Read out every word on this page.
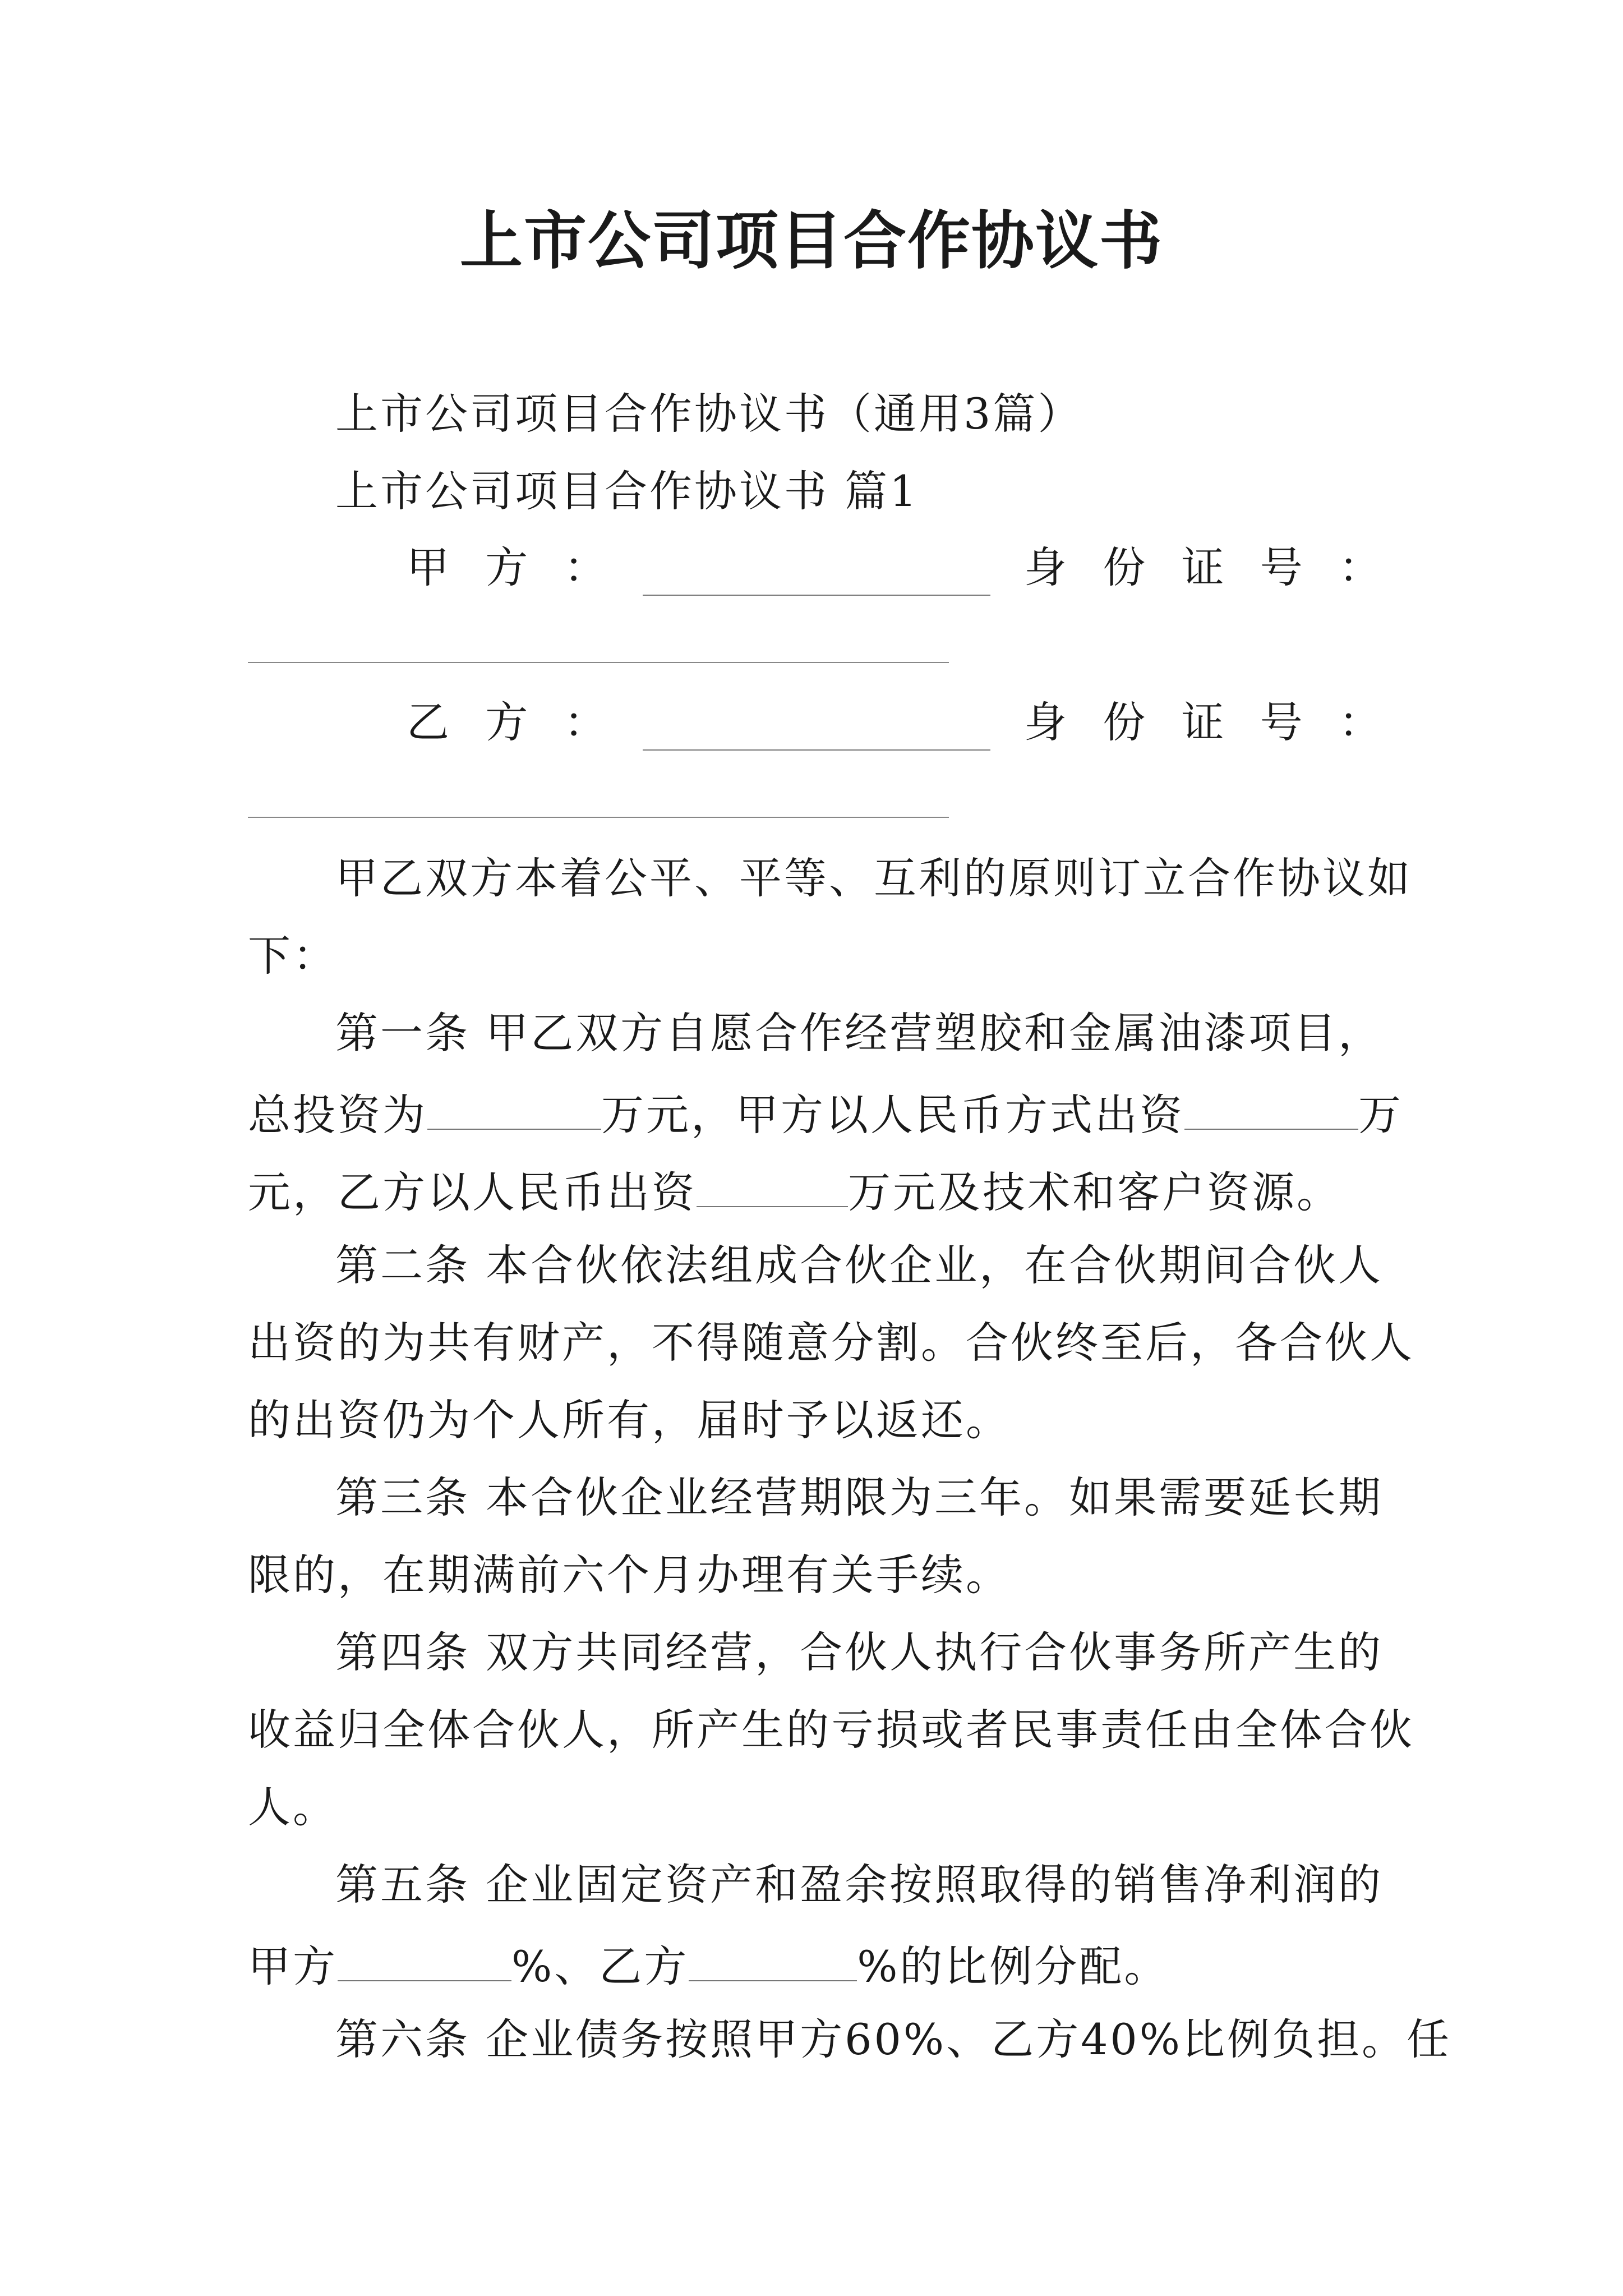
上市公司项目合作协议书
上市公司项目合作协议书（通用3篇）
上市公司项目合作协议书 篇1
甲 方 ：	身 份 证 号 ：
乙 方 ：	身 份 证 号 ：
甲乙双方本着公平、平等、互利的原则订立合作协议如
下：
第一条 甲乙双方自愿合作经营塑胶和金属油漆项目，
总投资为	万元，甲方以人民币方式出资	万
元，乙方以人民币出资	万元及技术和客户资源。
第二条 本合伙依法组成合伙企业，在合伙期间合伙人
出资的为共有财产，不得随意分割。合伙终至后，各合伙人
的出资仍为个人所有，届时予以返还。
第三条 本合伙企业经营期限为三年。如果需要延长期
限的，在期满前六个月办理有关手续。
第四条 双方共同经营，合伙人执行合伙事务所产生的
收益归全体合伙人，所产生的亏损或者民事责任由全体合伙
人。
第五条 企业固定资产和盈余按照取得的销售净利润的
甲方	%、乙方	%的比例分配。
第六条 企业债务按照甲方60%、乙方40%比例负担。任
